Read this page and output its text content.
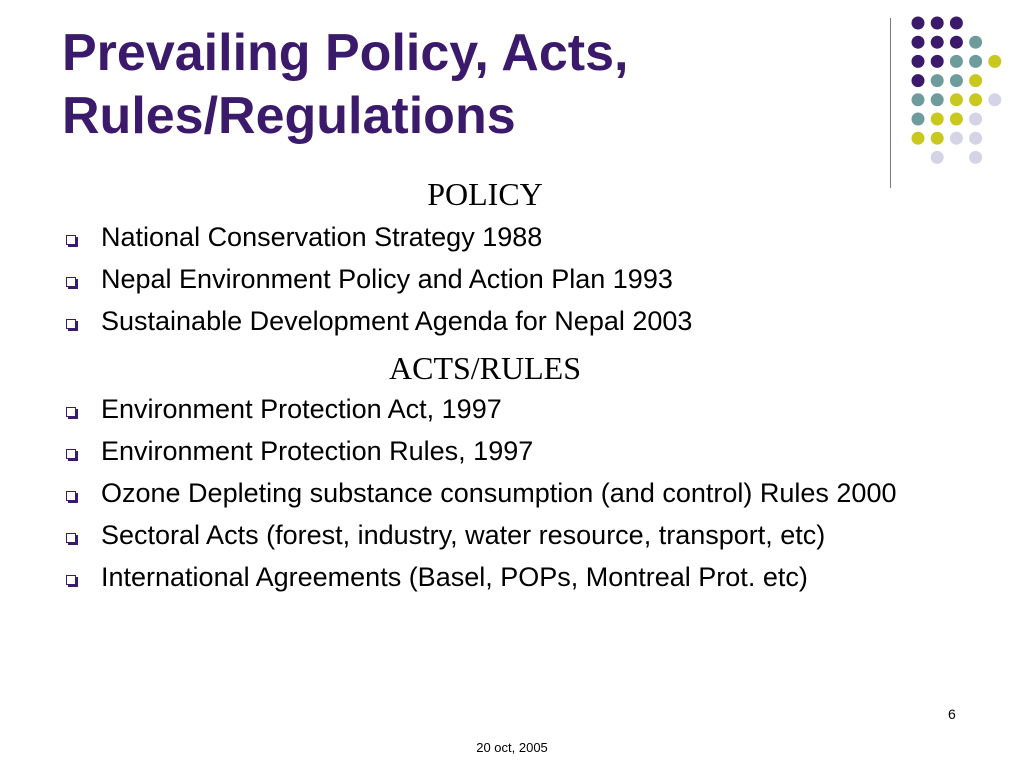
Prevailing Policy, Acts,
Rules/Regulations
POLICY
National Conservation Strategy 1988
Nepal Environment Policy and Action Plan 1993
Sustainable Development Agenda for Nepal 2003
ACTS/RULES
Environment Protection Act, 1997
Environment Protection Rules, 1997
Ozone Depleting substance consumption (and control) Rules 2000
Sectoral Acts (forest, industry, water resource, transport, etc)
International Agreements (Basel, POPs, Montreal Prot. etc)
6
20 oct, 2005
